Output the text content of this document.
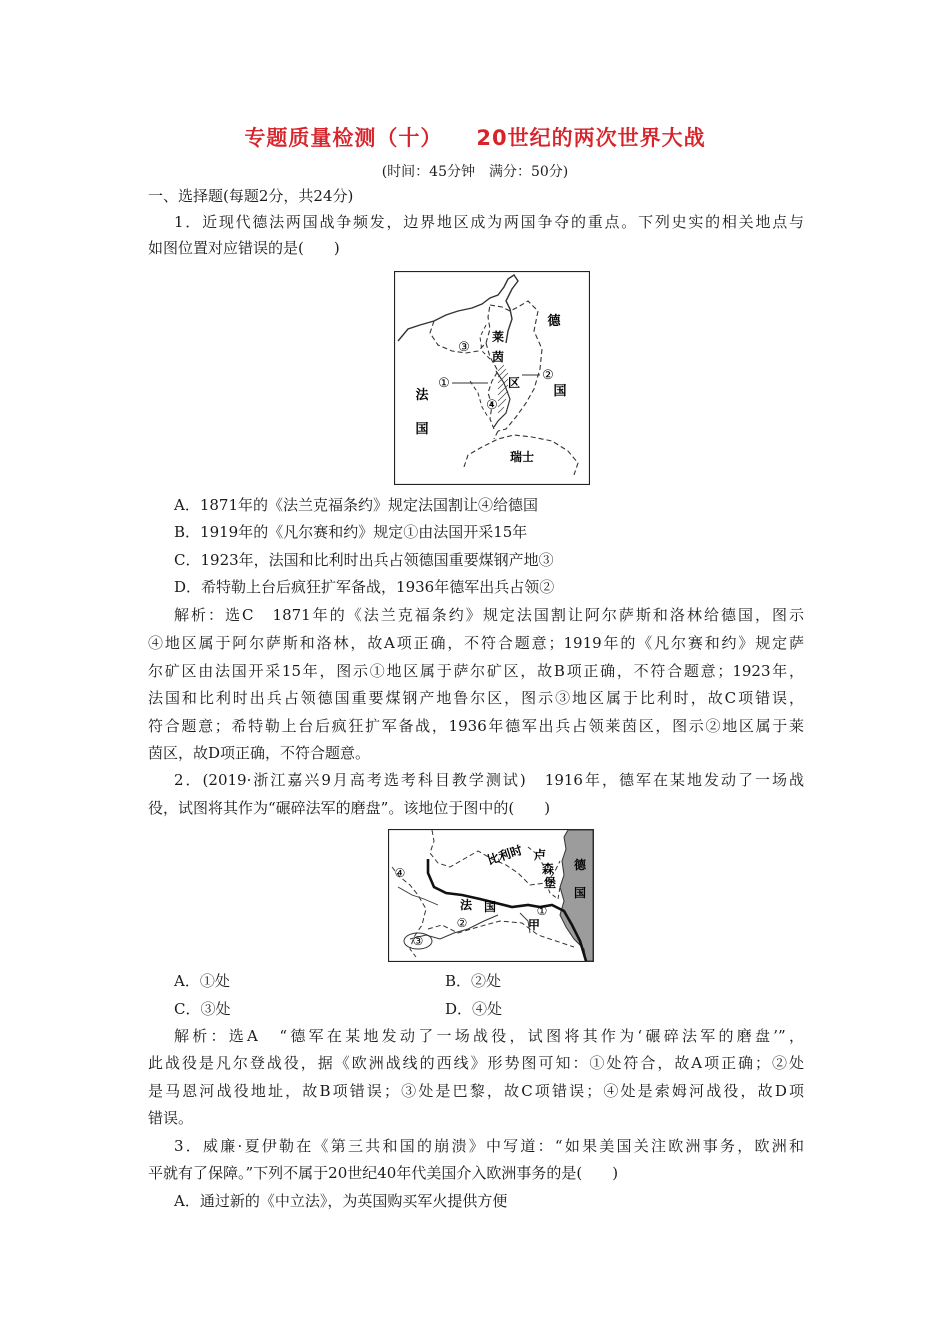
专题质量检测（十） 20世纪的两次世界大战
(时间：45分钟　满分：50分)
一、选择题(每题2分，共24分)
1．近现代德法两国战争频发，边界地区成为两国争夺的重点。下列史实的相关地点与
如图位置对应错误的是(　　)
德
国
法
国
莱
茵
区
瑞士
①
②
③
④
A．1871年的《法兰克福条约》规定法国割让④给德国
B．1919年的《凡尔赛和约》规定①由法国开采15年
C．1923年，法国和比利时出兵占领德国重要煤钢产地③
D．希特勒上台后疯狂扩军备战，1936年德军出兵占领②
解析：选C　1871年的《法兰克福条约》规定法国割让阿尔萨斯和洛林给德国，图示
④地区属于阿尔萨斯和洛林，故A项正确，不符合题意；1919年的《凡尔赛和约》规定萨
尔矿区由法国开采15年，图示①地区属于萨尔矿区，故B项正确，不符合题意；1923年，
法国和比利时出兵占领德国重要煤钢产地鲁尔区，图示③地区属于比利时，故C项错误，
符合题意；希特勒上台后疯狂扩军备战，1936年德军出兵占领莱茵区，图示②地区属于莱
茵区，故D项正确，不符合题意。
2．(2019·浙江嘉兴9月高考选考科目教学测试)　1916年，德军在某地发动了一场战
役，试图将其作为“碾碎法军的磨盘”。该地位于图中的(　　)
比利时 卢
森
堡
德
国
法 国
甲
①
②
③
④
A．①处	B．②处
C．③处	D．④处
解析：选A　“德军在某地发动了一场战役，试图将其作为‘碾碎法军的磨盘’”，
此战役是凡尔登战役，据《欧洲战线的西线》形势图可知：①处符合，故A项正确；②处
是马恩河战役地址，故B项错误；③处是巴黎，故C项错误；④处是索姆河战役，故D项
错误。
3．威廉·夏伊勒在《第三共和国的崩溃》中写道：“如果美国关注欧洲事务，欧洲和
平就有了保障。”下列不属于20世纪40年代美国介入欧洲事务的是(　　)
A．通过新的《中立法》，为英国购买军火提供方便
